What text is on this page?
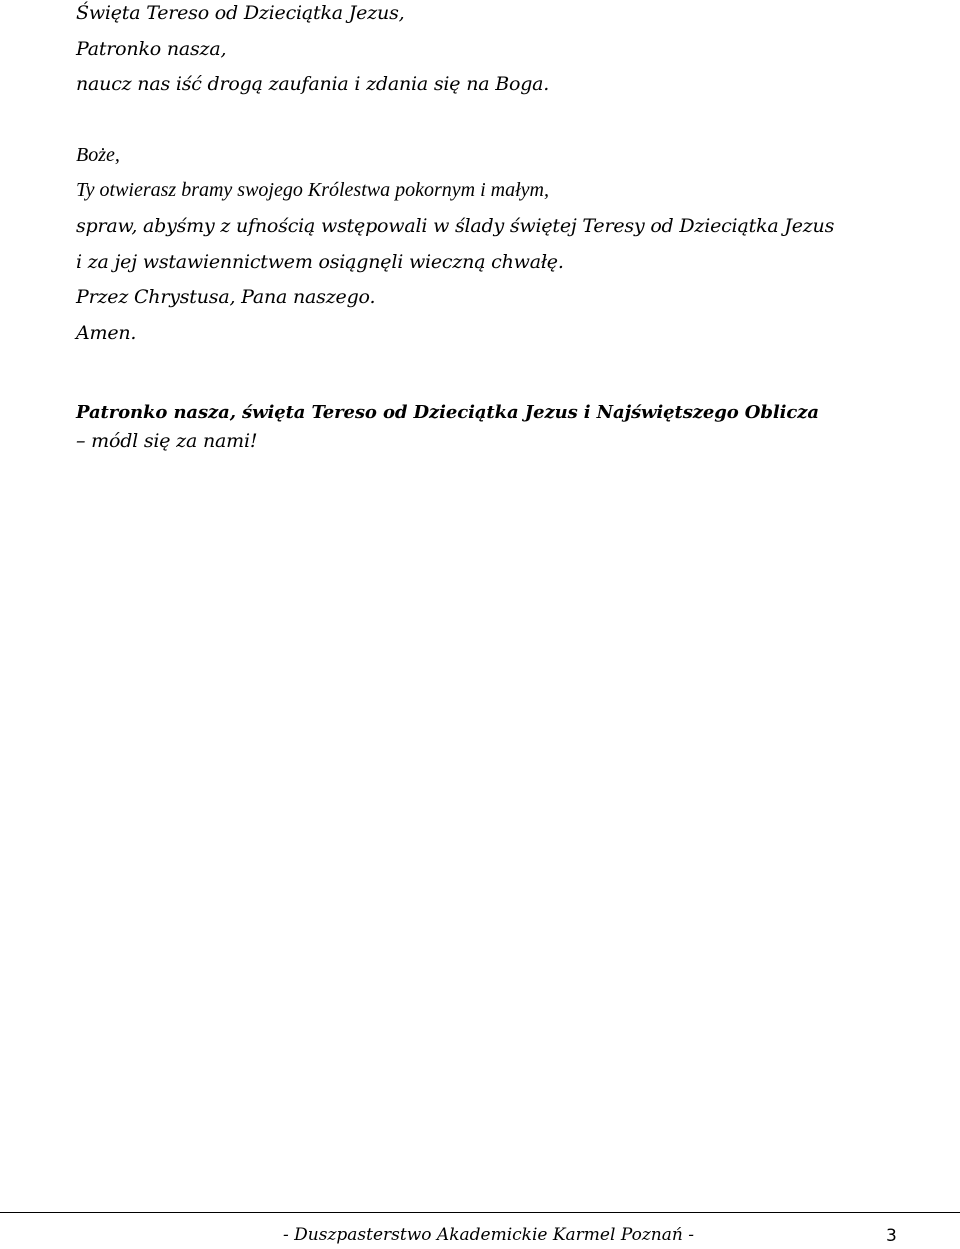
Święta Tereso od Dzieciątka Jezus,

Patronko nasza,

naucz nas iść drogą zaufania i zdania się na Boga.

Boże,

Ty otwierasz bramy swojego Królestwa pokornym i małym,

spraw, abyśmy z ufnością wstępowali w ślady świętej Teresy od Dzieciątka Jezus

i za jej wstawiennictwem osiągnęli wieczną chwałę.

Przez Chrystusa, Pana naszego.

Amen.

Patronko nasza, święta Tereso od Dzieciątka Jezus i Najświętszego Oblicza

– módl się za nami!

- Duszpasterstwo Akademickie Karmel Poznań -	3
